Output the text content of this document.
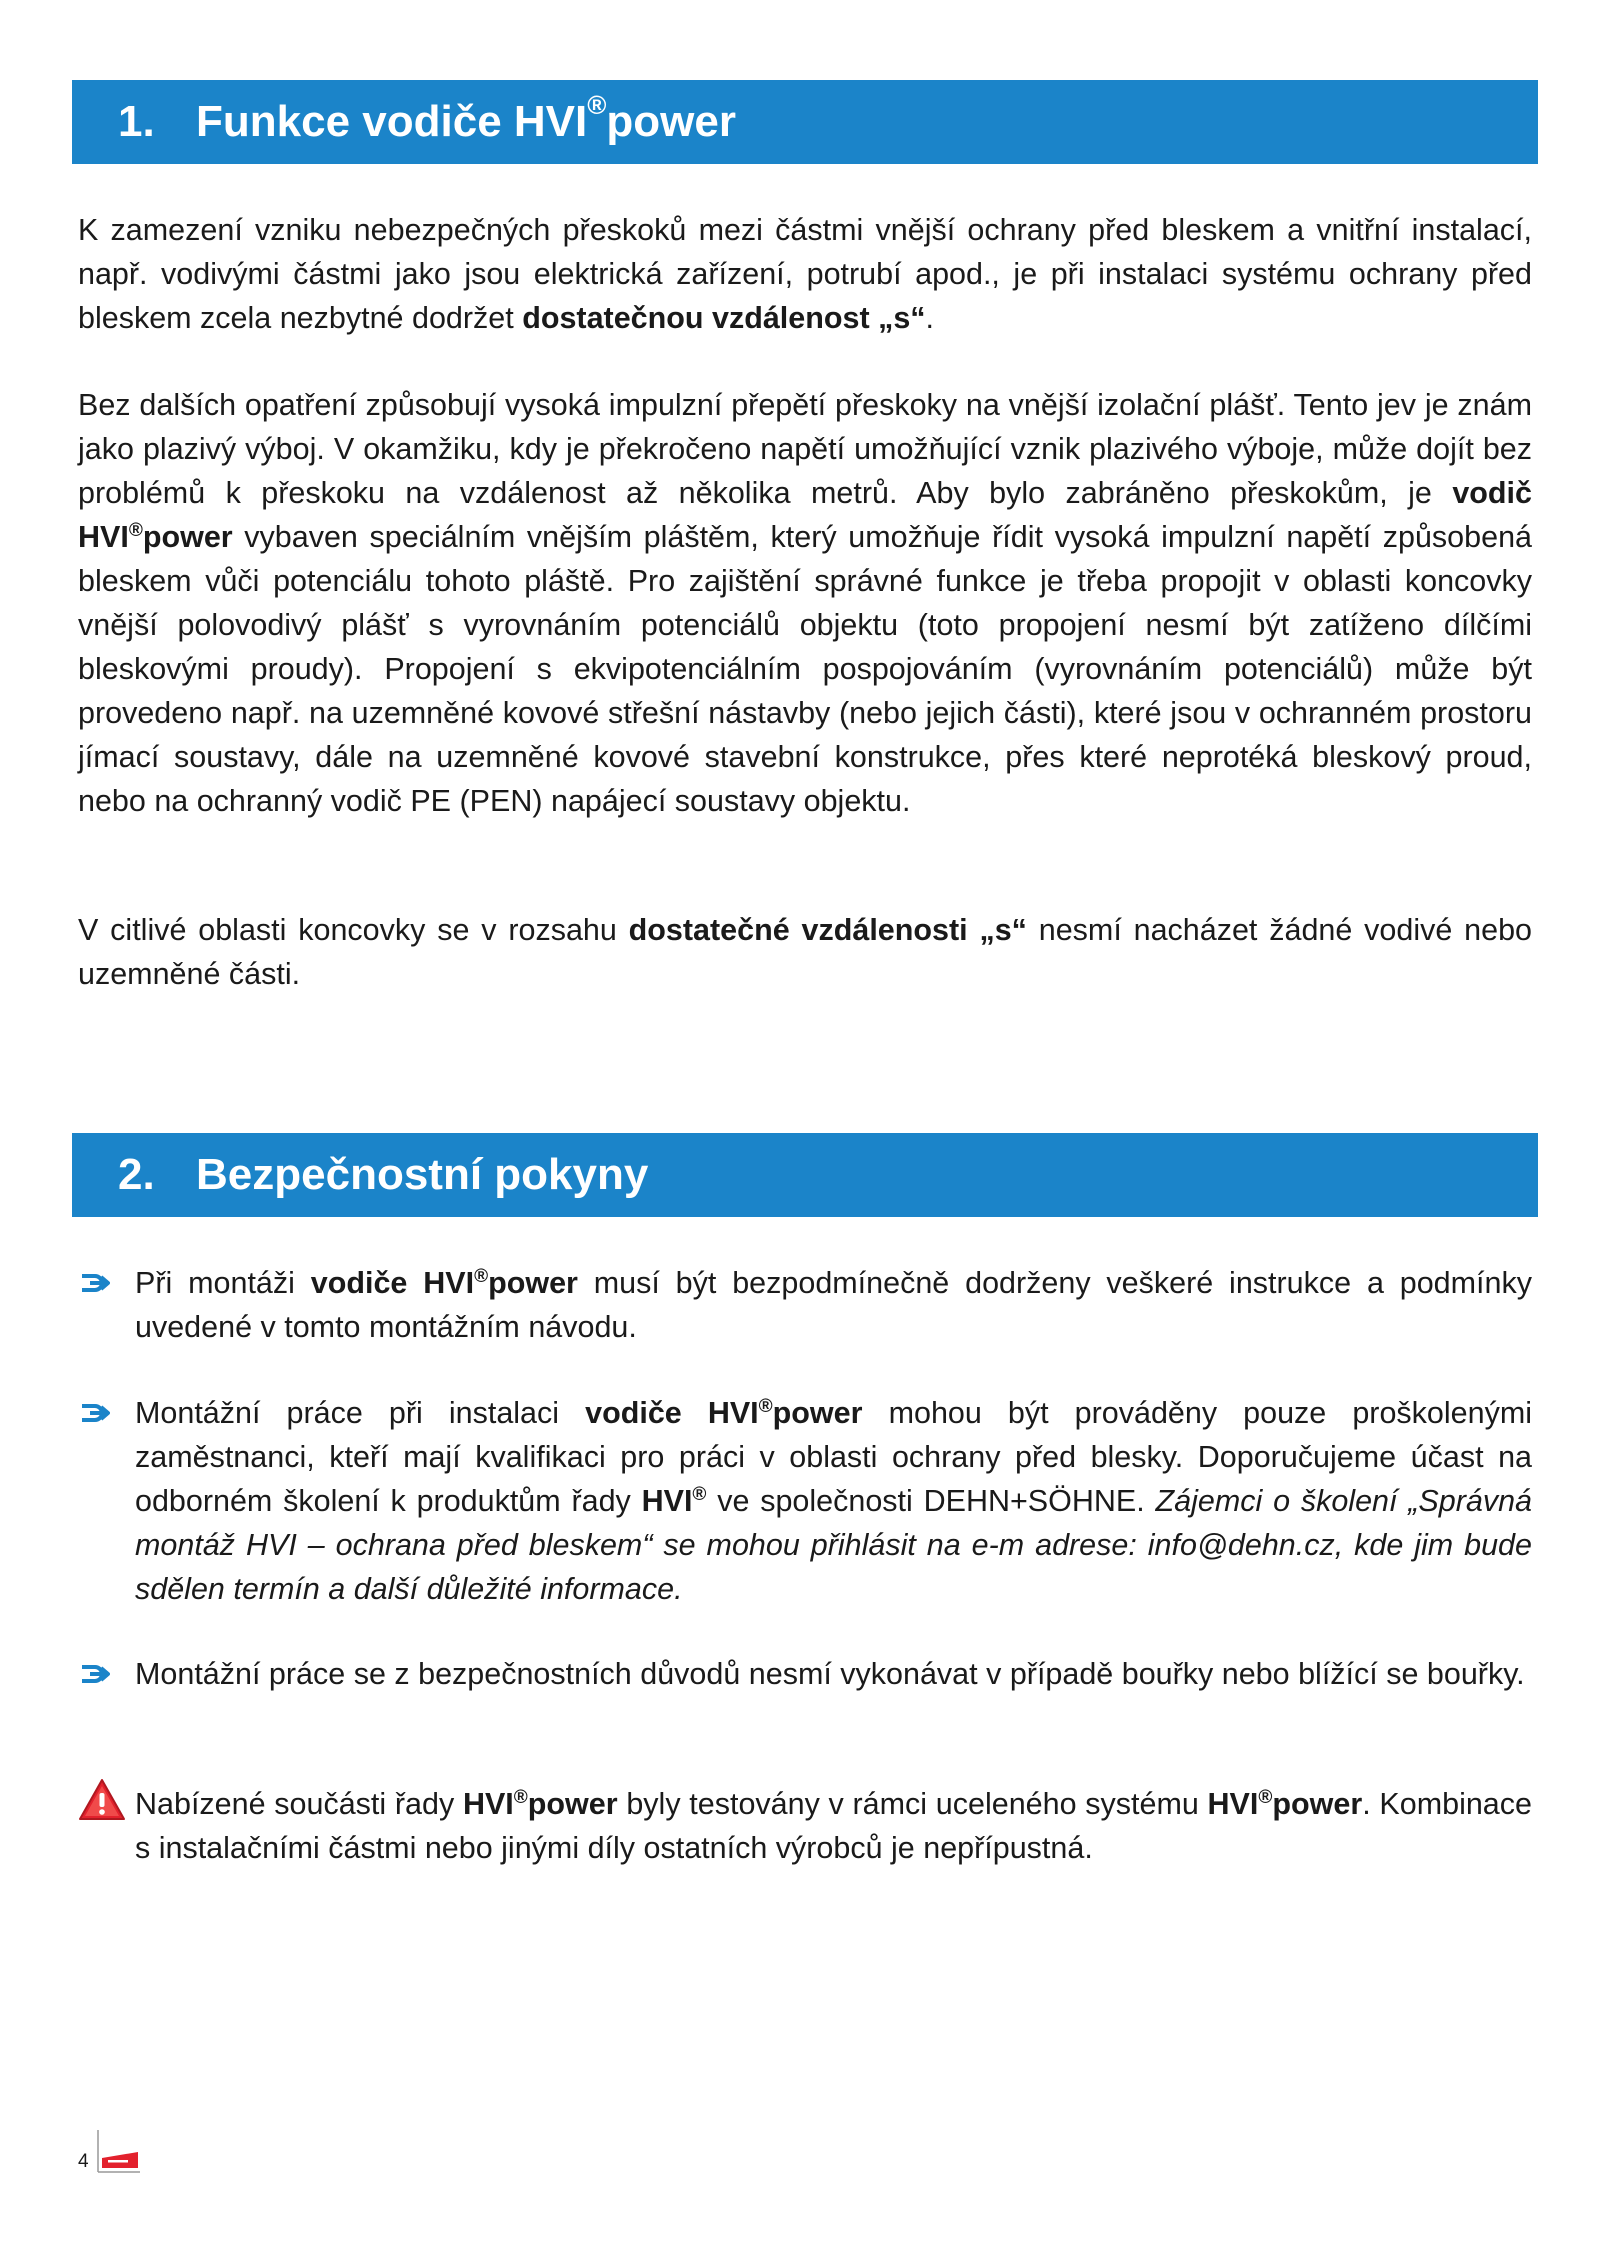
1. Funkce vodiče HVI®power

K zamezení vzniku nebezpečných přeskoků mezi částmi vnější ochrany před bleskem a vnitřní instalací, např. vodivými částmi jako jsou elektrická zařízení, potrubí apod., je při instalaci systému ochrany před bleskem zcela nezbytné dodržet dostatečnou vzdálenost „s“.

Bez dalších opatření způsobují vysoká impulzní přepětí přeskoky na vnější izolační plášť. Tento jev je znám jako plazivý výboj. V okamžiku, kdy je překročeno napětí umožňující vznik plazivého výboje, může dojít bez problémů k přeskoku na vzdálenost až několika metrů. Aby bylo zabráněno přeskokům, je vodič HVI®power vybaven speciálním vnějším pláštěm, který umožňuje řídit vysoká impulzní napětí způsobená bleskem vůči potenciálu tohoto pláště. Pro zajištění správné funkce je třeba propojit v oblasti koncovky vnější polovodivý plášť s vyrovnáním potenciálů objektu (toto propojení nesmí být zatíženo dílčími bleskovými proudy). Propojení s ekvipotenciálním pospojováním (vyrovnáním potenciálů) může být provedeno např. na uzemněné kovové střešní nástavby (nebo jejich části), které jsou v ochranném prostoru jímací soustavy, dále na uzemněné kovové stavební konstrukce, přes které neprotéká bleskový proud, nebo na ochranný vodič PE (PEN) napájecí soustavy objektu.

V citlivé oblasti koncovky se v rozsahu dostatečné vzdálenosti „s“ nesmí nacházet žádné vodivé nebo uzemněné části.

2. Bezpečnostní pokyny

Při montáži vodiče HVI®power musí být bezpodmínečně dodrženy veškeré instrukce a podmínky uvedené v tomto montážním návodu.

Montážní práce při instalaci vodiče HVI®power mohou být prováděny pouze proškolenými zaměstnanci, kteří mají kvalifikaci pro práci v oblasti ochrany před blesky. Doporučujeme účast na odborném školení k produktům řady HVI® ve společnosti DEHN+SÖHNE. Zájemci o školení „Správná montáž HVI – ochrana před bleskem“ se mohou přihlásit na e-m adrese: info@dehn.cz, kde jim bude sdělen termín a další důležité informace.

Montážní práce se z bezpečnostních důvodů nesmí vykonávat v případě bouřky nebo blížící se bouřky.

Nabízené součásti řady HVI®power byly testovány v rámci uceleného systému HVI®power. Kombinace s instalačními částmi nebo jinými díly ostatních výrobců je nepřípustná.

4
